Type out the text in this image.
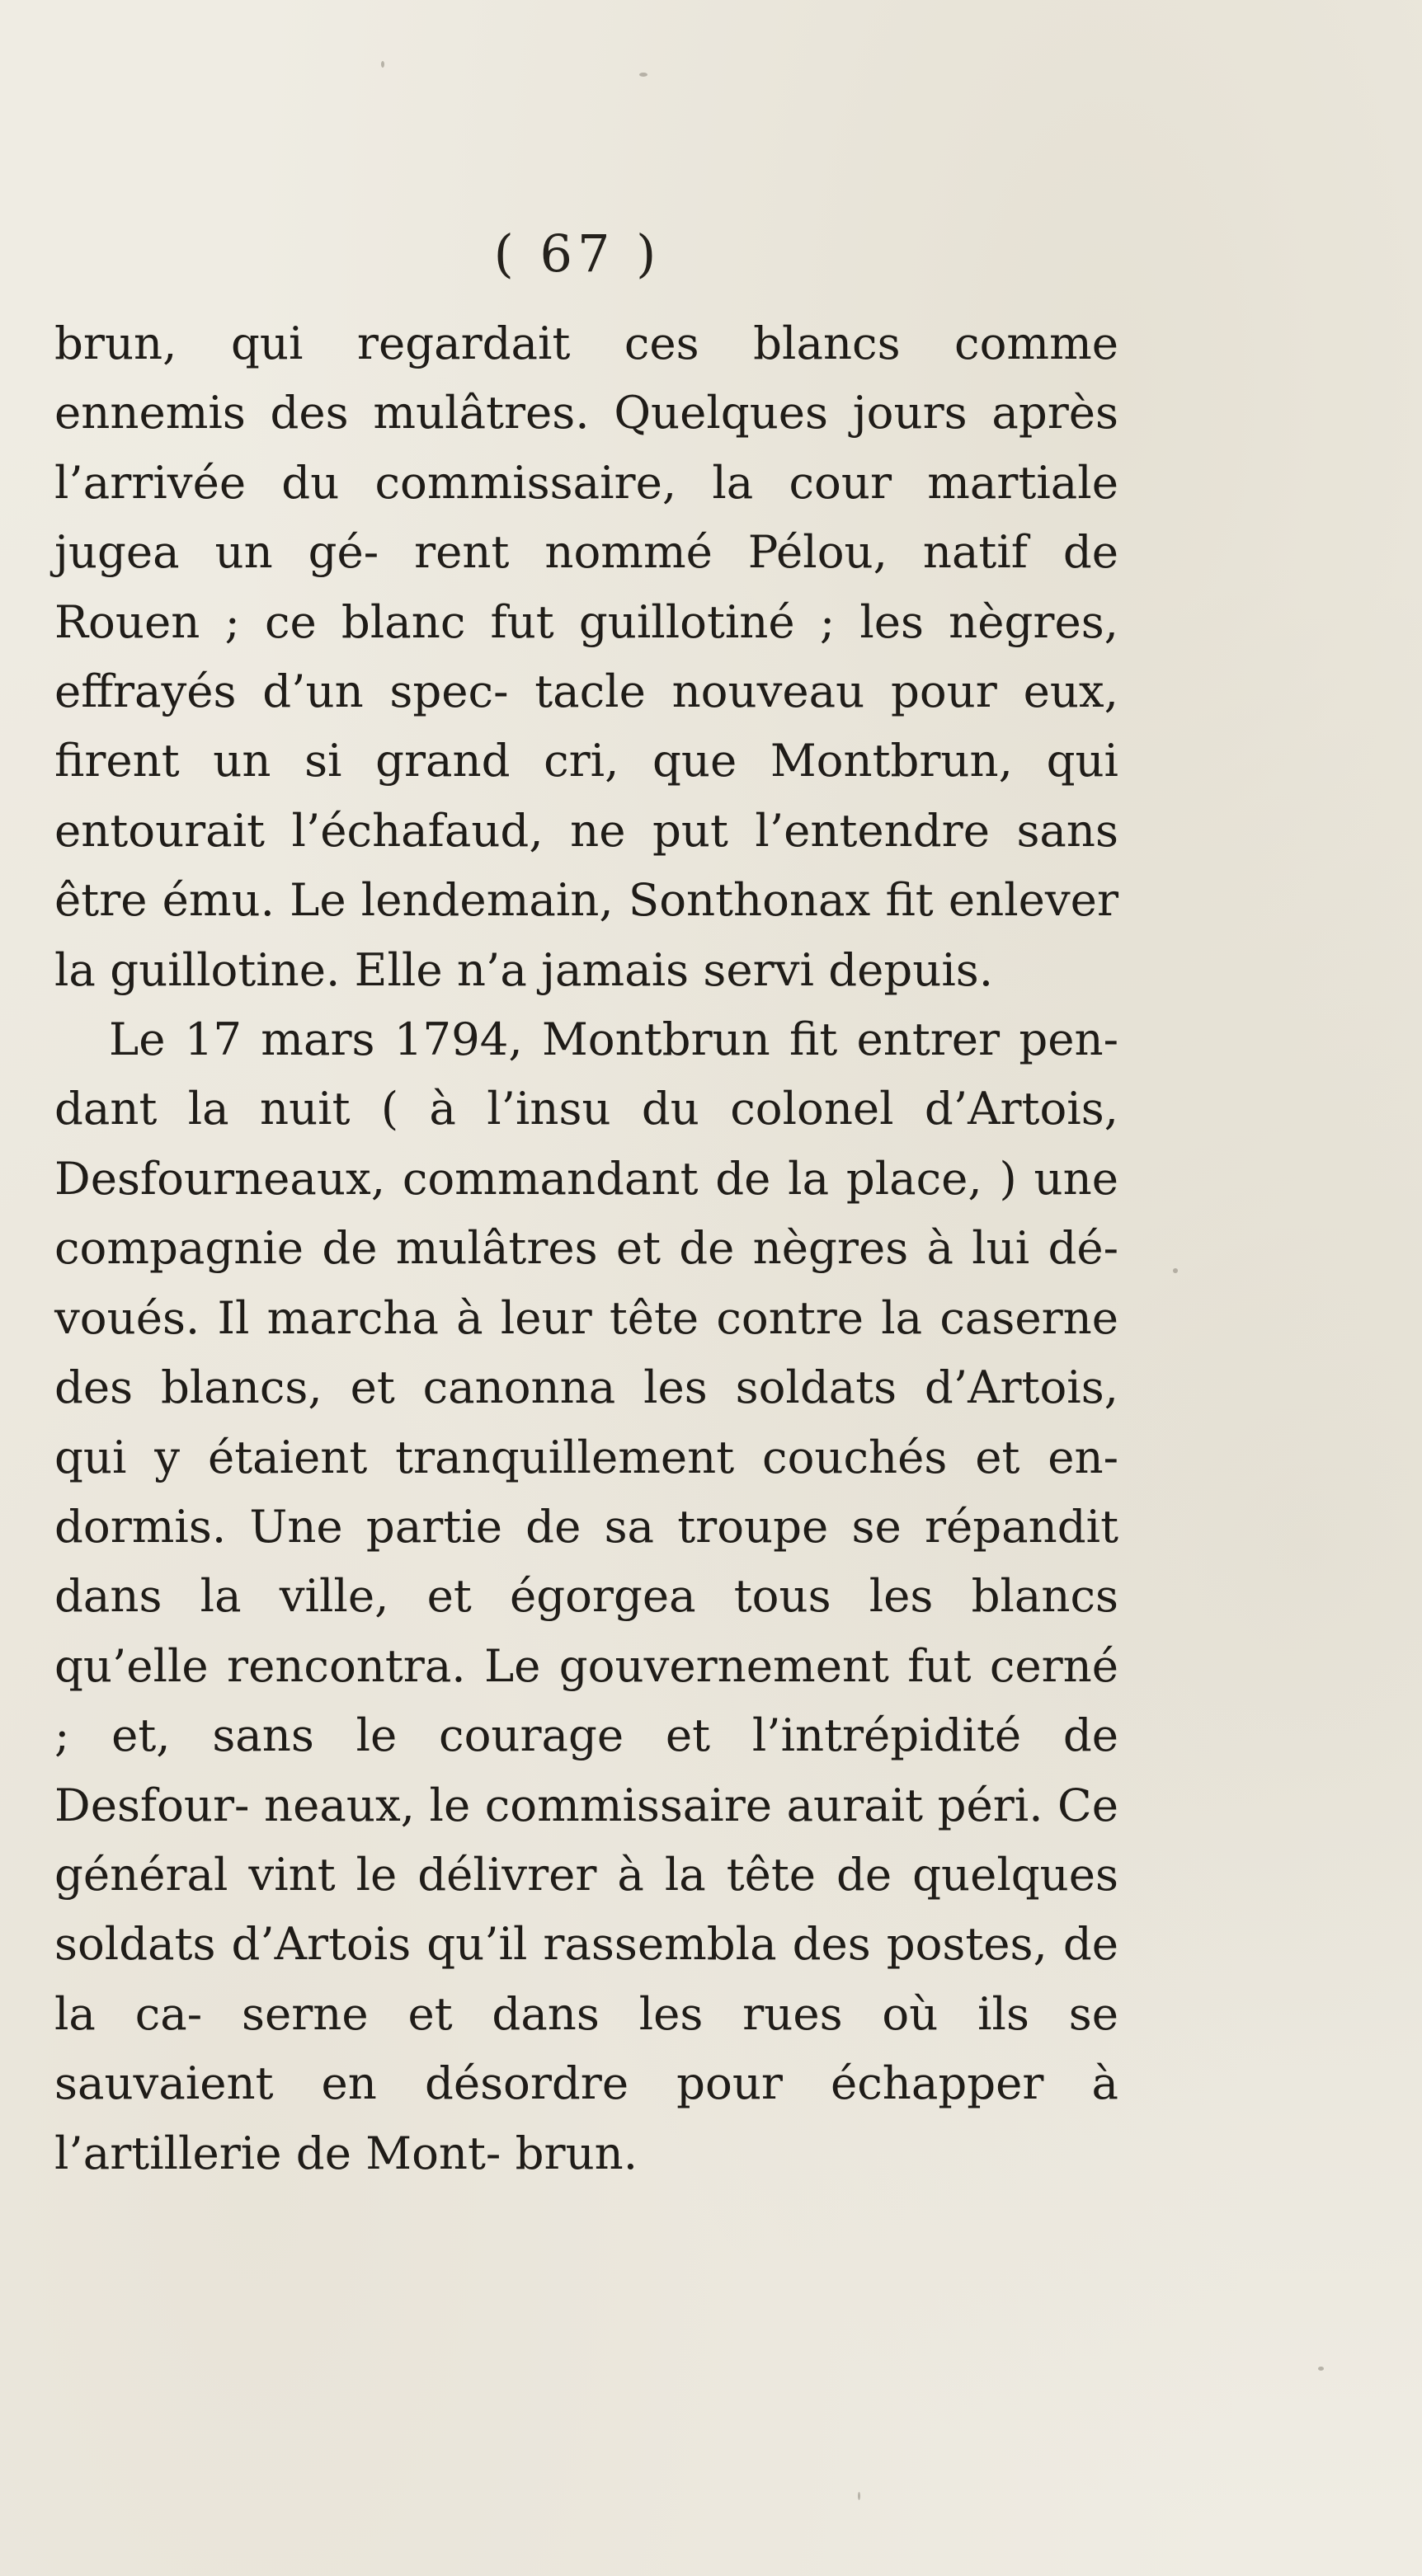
( 67 )

brun, qui regardait ces blancs comme ennemis des mulâtres. Quelques jours après l’arrivée du commissaire, la cour martiale jugea un gé- rent nommé Pélou, natif de Rouen ; ce blanc fut guillotiné ; les nègres, effrayés d’un spec- tacle nouveau pour eux, firent un si grand cri, que Montbrun, qui entourait l’échafaud, ne put l’entendre sans être ému. Le lendemain, Sonthonax fit enlever la guillotine. Elle n’a jamais servi depuis.

Le 17 mars 1794, Montbrun fit entrer pen- dant la nuit ( à l’insu du colonel d’Artois, Desfourneaux, commandant de la place, ) une compagnie de mulâtres et de nègres à lui dé- voués. Il marcha à leur tête contre la caserne des blancs, et canonna les soldats d’Artois, qui y étaient tranquillement couchés et en- dormis. Une partie de sa troupe se répandit dans la ville, et égorgea tous les blancs qu’elle rencontra. Le gouvernement fut cerné ; et, sans le courage et l’intrépidité de Desfour- neaux, le commissaire aurait péri. Ce général vint le délivrer à la tête de quelques soldats d’Artois qu’il rassembla des postes, de la ca- serne et dans les rues où ils se sauvaient en désordre pour échapper à l’artillerie de Mont- brun.
